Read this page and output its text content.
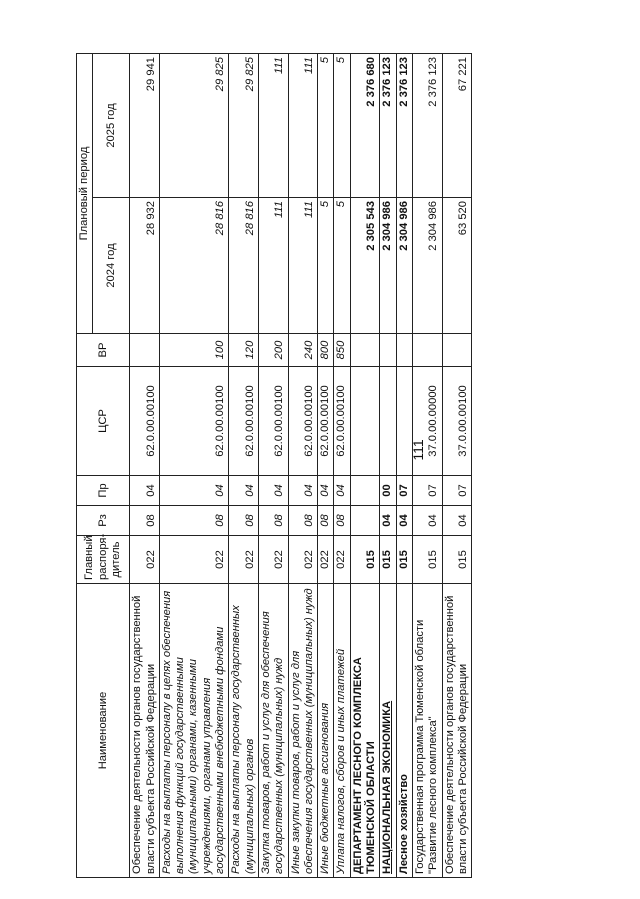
111
Наименование	Главный распоря- дитель	Рз	Пр	ЦСР	ВР	Плановый период	
						2024 год	2025 год
Обеспечение деятельности органов государственной власти субъекта Российской Федерации	022	08	04	62.0.00.00100		28 932	29 941
Расходы на выплаты персоналу в целях обеспечения выполнения функций государственными (муниципальными) органами, казенными учреждениями, органами управления государственными внебюджетными фондами	022	08	04	62.0.00.00100	100	28 816	29 825
Расходы на выплаты персоналу государственных (муниципальных) органов	022	08	04	62.0.00.00100	120	28 816	29 825
Закупка товаров, работ и услуг для обеспечения государственных (муниципальных) нужд	022	08	04	62.0.00.00100	200	111	111
Иные закупки товаров, работ и услуг для обеспечения государственных (муниципальных) нужд	022	08	04	62.0.00.00100	240	111	111
Иные бюджетные ассигнования	022	08	04	62.0.00.00100	800	5	5
Уплата налогов, сборов и иных платежей	022	08	04	62.0.00.00100	850	5	5
ДЕПАРТАМЕНТ ЛЕСНОГО КОМПЛЕКСА ТЮМЕНСКОЙ ОБЛАСТИ	015					2 305 543	2 376 680
НАЦИОНАЛЬНАЯ ЭКОНОМИКА	015	04	00			2 304 986	2 376 123
Лесное хозяйство	015	04	07			2 304 986	2 376 123
Государственная программа Тюменской области "Развитие лесного комплекса"	015	04	07	37.0.00.00000		2 304 986	2 376 123
Обеспечение деятельности органов государственной власти субъекта Российской Федерации	015	04	07	37.0.00.00100		63 520	67 221
